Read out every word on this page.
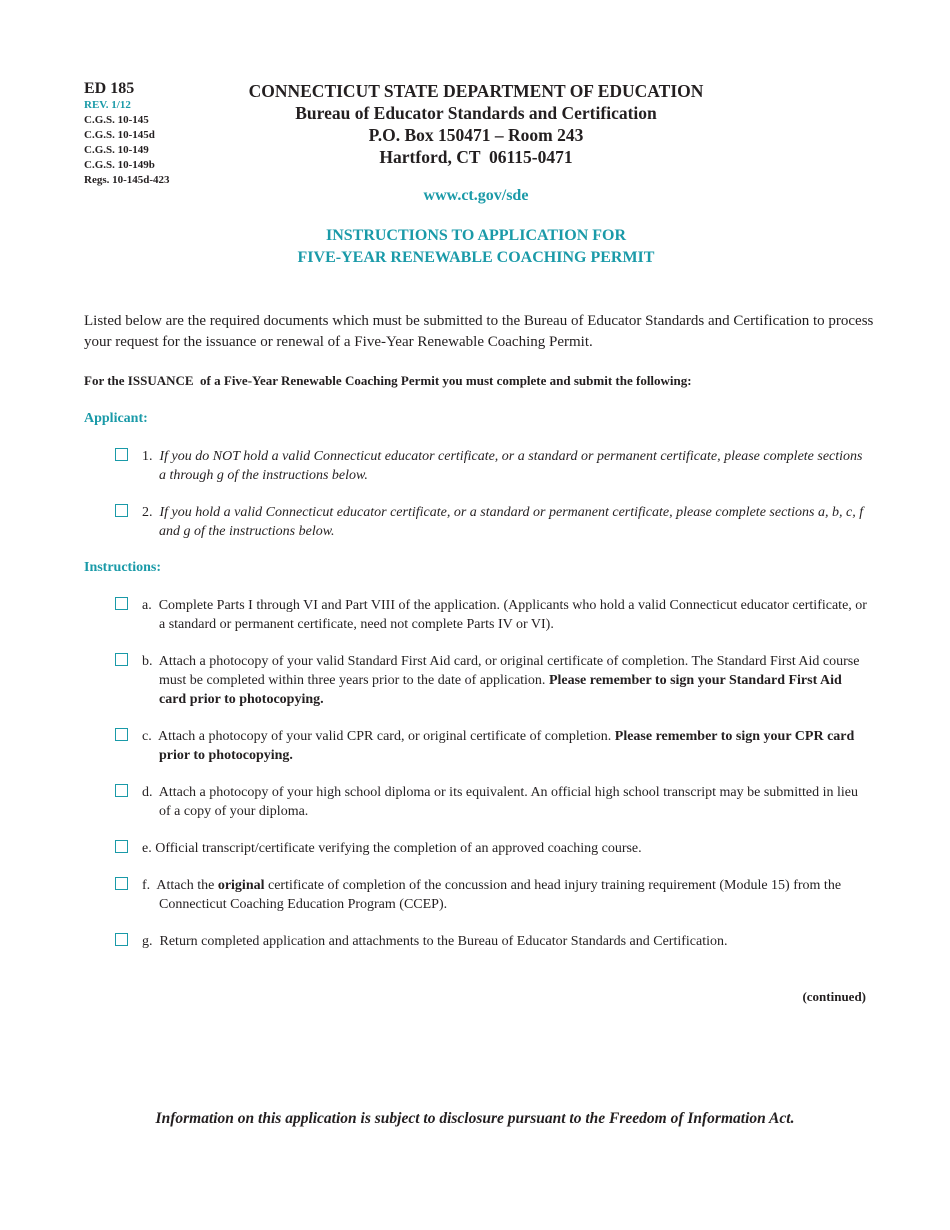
ED 185
REV. 1/12
C.G.S. 10-145
C.G.S. 10-145d
C.G.S. 10-149
C.G.S. 10-149b
Regs. 10-145d-423
CONNECTICUT STATE DEPARTMENT OF EDUCATION
Bureau of Educator Standards and Certification
P.O. Box 150471 – Room 243
Hartford, CT  06115-0471
www.ct.gov/sde
INSTRUCTIONS TO APPLICATION FOR
FIVE-YEAR RENEWABLE COACHING PERMIT
Listed below are the required documents which must be submitted to the Bureau of Educator Standards and Certification to process your request for the issuance or renewal of a Five-Year Renewable Coaching Permit.
For the ISSUANCE  of a Five-Year Renewable Coaching Permit you must complete and submit the following:
Applicant:
1. If you do NOT hold a valid Connecticut educator certificate, or a standard or permanent certificate, please complete sections a through g of the instructions below.
2. If you hold a valid Connecticut educator certificate, or a standard or permanent certificate, please complete sections a, b, c, f and g of the instructions below.
Instructions:
a. Complete Parts I through VI and Part VIII of the application. (Applicants who hold a valid Connecticut educator certificate, or a standard or permanent certificate, need not complete Parts IV or VI).
b. Attach a photocopy of your valid Standard First Aid card, or original certificate of completion. The Standard First Aid course must be completed within three years prior to the date of application. Please remember to sign your Standard First Aid card prior to photocopying.
c. Attach a photocopy of your valid CPR card, or original certificate of completion. Please remember to sign your CPR card prior to photocopying.
d. Attach a photocopy of your high school diploma or its equivalent. An official high school transcript may be submitted in lieu of a copy of your diploma.
e. Official transcript/certificate verifying the completion of an approved coaching course.
f. Attach the original certificate of completion of the concussion and head injury training requirement (Module 15) from the Connecticut Coaching Education Program (CCEP).
g. Return completed application and attachments to the Bureau of Educator Standards and Certification.
(continued)
Information on this application is subject to disclosure pursuant to the Freedom of Information Act.
